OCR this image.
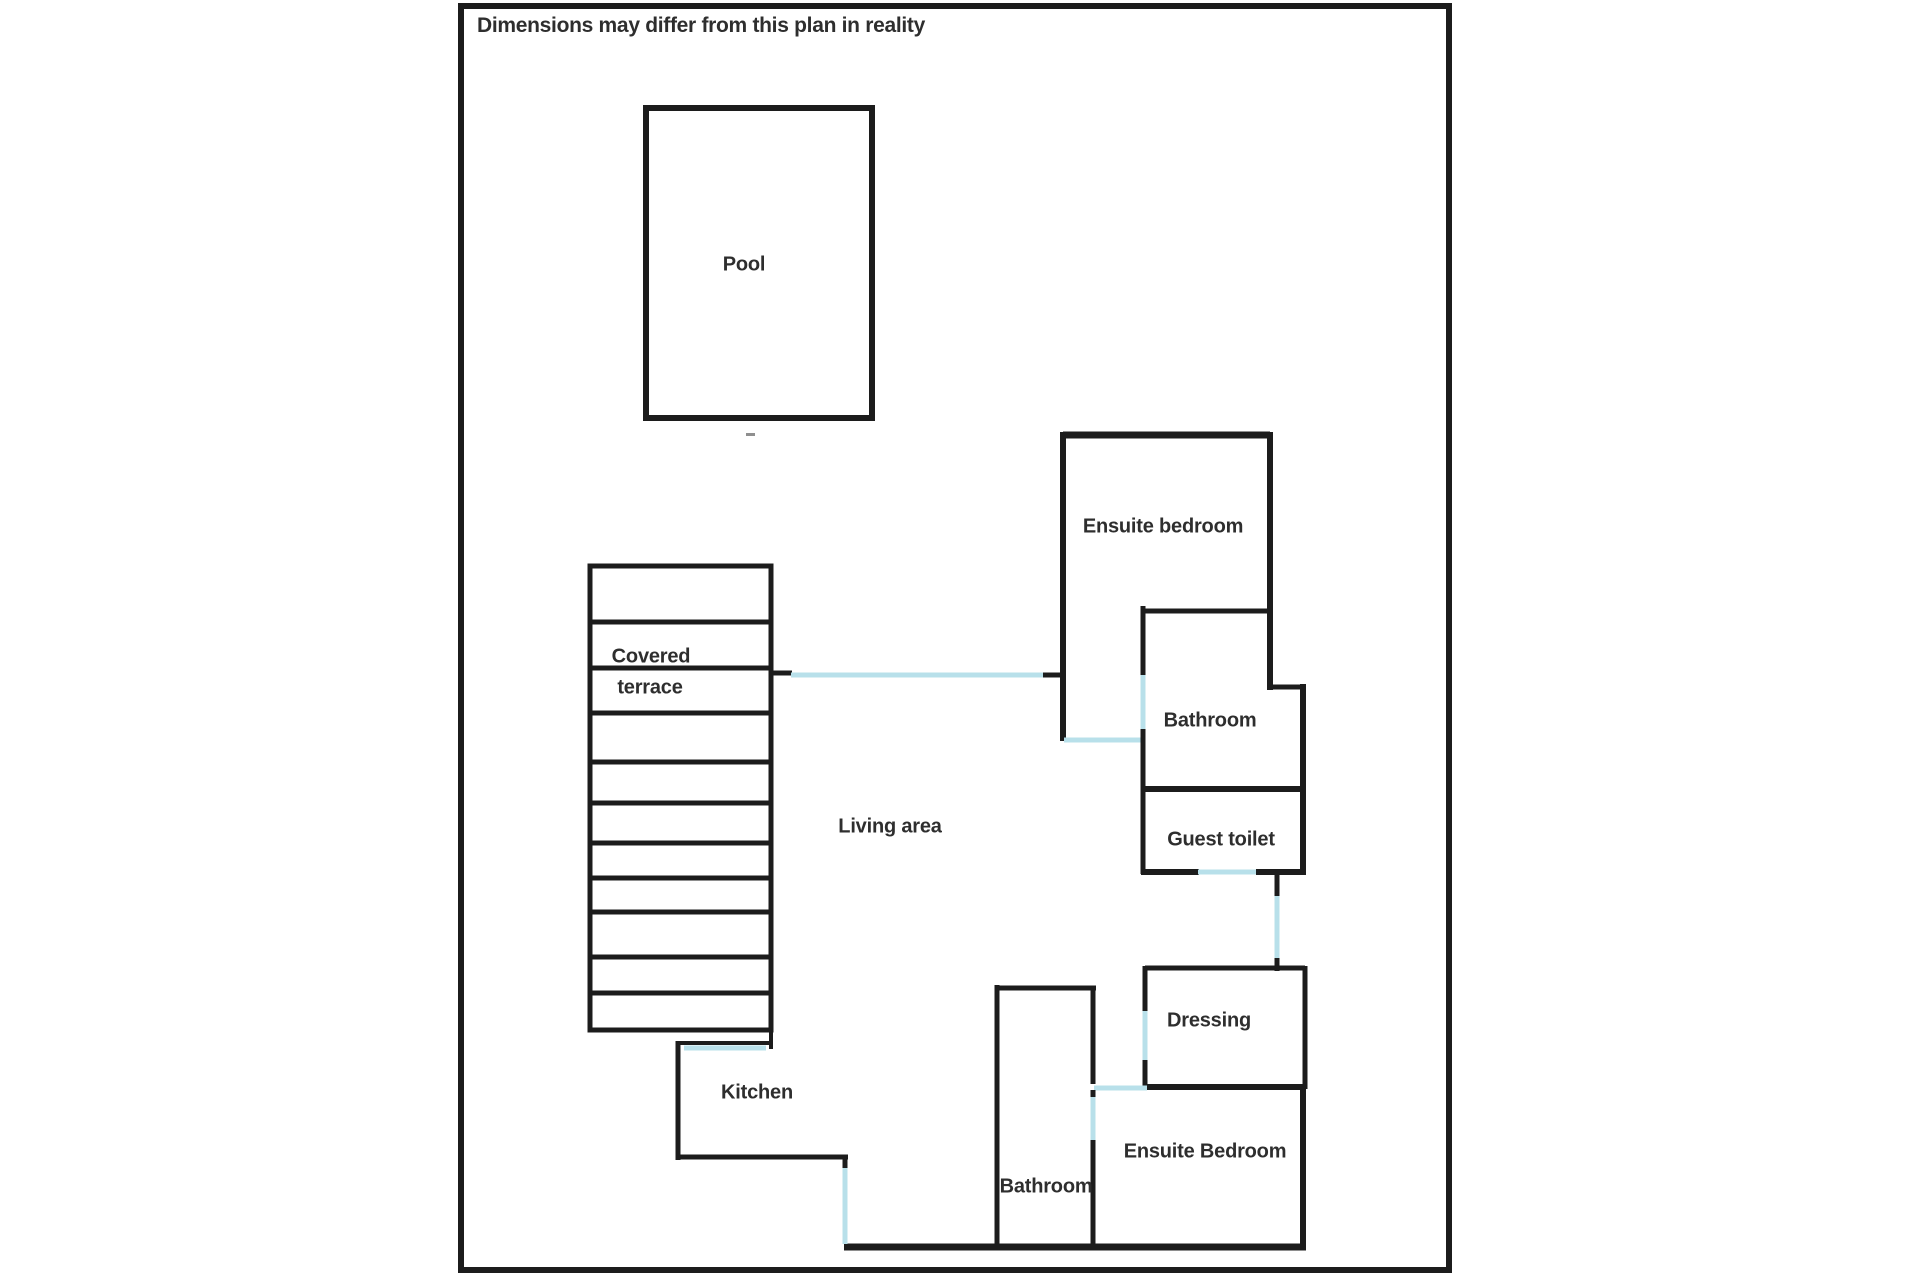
Dimensions may differ from this plan in reality
Pool
Covered
terrace
Living area
Kitchen
Ensuite bedroom
Bathroom
Guest toilet
Dressing
Ensuite Bedroom
Bathroom
